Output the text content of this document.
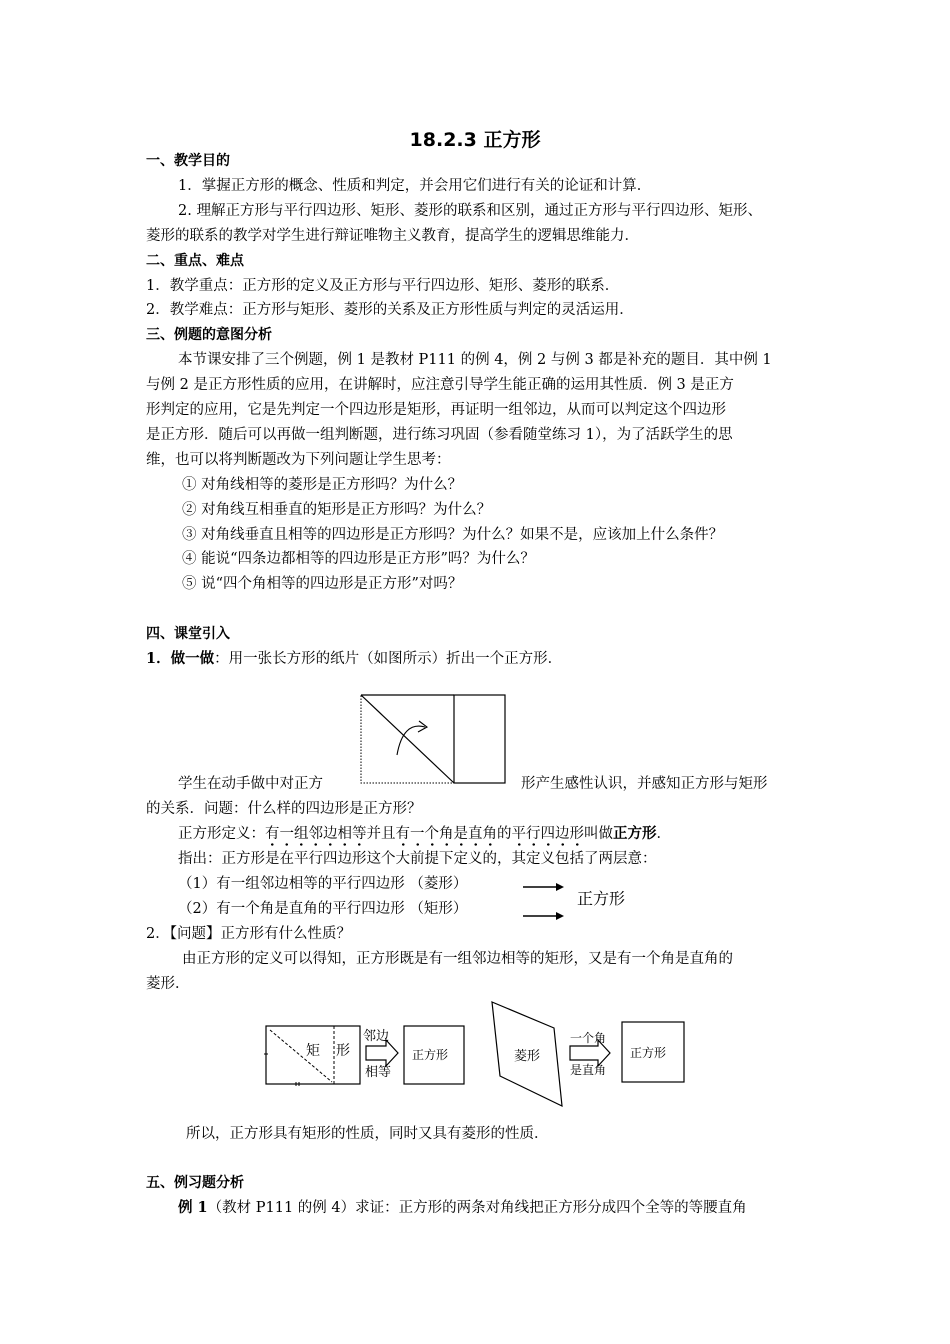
18.2.3 正方形
一、教学目的
1．掌握正方形的概念、性质和判定，并会用它们进行有关的论证和计算．
2. 理解正方形与平行四边形、矩形、菱形的联系和区别，通过正方形与平行四边形、矩形、
菱形的联系的教学对学生进行辩证唯物主义教育，提高学生的逻辑思维能力．
二、重点、难点
1．教学重点：正方形的定义及正方形与平行四边形、矩形、菱形的联系．
2．教学难点：正方形与矩形、菱形的关系及正方形性质与判定的灵活运用．
三、例题的意图分析
本节课安排了三个例题，例 1 是教材 P111 的例 4，例 2 与例 3 都是补充的题目．其中例 1
与例 2 是正方形性质的应用，在讲解时，应注意引导学生能正确的运用其性质．例 3 是正方
形判定的应用，它是先判定一个四边形是矩形，再证明一组邻边，从而可以判定这个四边形
是正方形．随后可以再做一组判断题，进行练习巩固（参看随堂练习 1），为了活跃学生的思
维，也可以将判断题改为下列问题让学生思考：
① 对角线相等的菱形是正方形吗？为什么？
② 对角线互相垂直的矩形是正方形吗？为什么？
③ 对角线垂直且相等的四边形是正方形吗？为什么？如果不是，应该加上什么条件？
④ 能说“四条边都相等的四边形是正方形”吗？为什么？
⑤ 说“四个角相等的四边形是正方形”对吗？
四、课堂引入
1．做一做：用一张长方形的纸片（如图所示）折出一个正方形．
学生在动手做中对正方	形产生感性认识，并感知正方形与矩形
的关系．问题：什么样的四边形是正方形？
正方形定义：有一组邻边相等并且有一个角是直角的平行四边形叫做正方形．
指出：正方形是在平行四边形这个大前提下定义的，其定义包括了两层意：
（1）有一组邻边相等的平行四边形 （菱形）
（2）有一个角是直角的平行四边形 （矩形）
正方形
2．【问题】正方形有什么性质？
由正方形的定义可以得知，正方形既是有一组邻边相等的矩形，又是有一个角是直角的
菱形．
矩 形
邻边
相等
正方形	菱形
一个角
是直角
正方形
所以，正方形具有矩形的性质，同时又具有菱形的性质．
五、例习题分析
例 1（教材 P111 的例 4）求证：正方形的两条对角线把正方形分成四个全等的等腰直角
